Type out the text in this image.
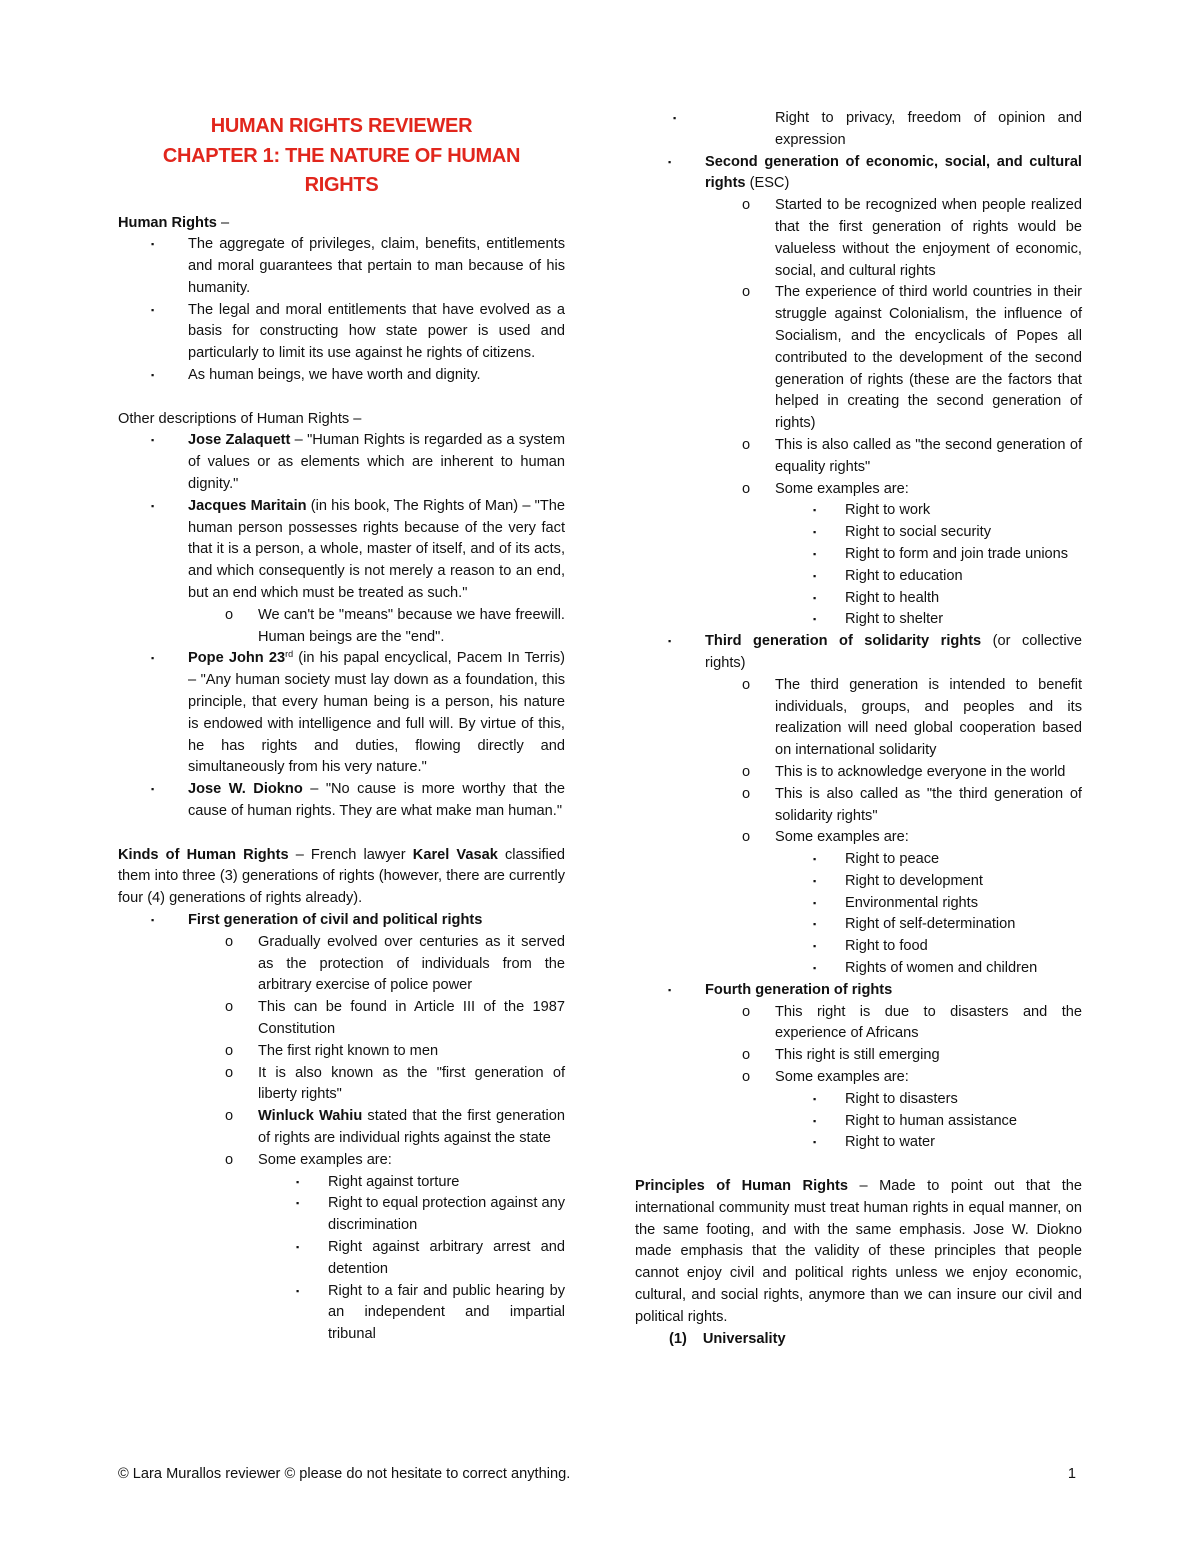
HUMAN RIGHTS REVIEWER
CHAPTER 1: THE NATURE OF HUMAN
RIGHTS

Human Rights –

▪ The aggregate of privileges, claim, benefits, entitlements and moral guarantees that pertain to man because of his humanity.
▪ The legal and moral entitlements that have evolved as a basis for constructing how state power is used and particularly to limit its use against he rights of citizens.
▪ As human beings, we have worth and dignity.

Other descriptions of Human Rights –

▪ Jose Zalaquett – "Human Rights is regarded as a system of values or as elements which are inherent to human dignity."
▪ Jacques Maritain (in his book, The Rights of Man) – "The human person possesses rights because of the very fact that it is a person, a whole, master of itself, and of its acts, and which consequently is not merely a reason to an end, but an end which must be treated as such."
o We can't be "means" because we have freewill. Human beings are the "end".
▪ Pope John 23rd (in his papal encyclical, Pacem In Terris) – "Any human society must lay down as a foundation, this principle, that every human being is a person, his nature is endowed with intelligence and full will. By virtue of this, he has rights and duties, flowing directly and simultaneously from his very nature."
▪ Jose W. Diokno – "No cause is more worthy that the cause of human rights. They are what make man human."

Kinds of Human Rights – French lawyer Karel Vasak classified them into three (3) generations of rights (however, there are currently four (4) generations of rights already).

▪ First generation of civil and political rights
o Gradually evolved over centuries as it served as the protection of individuals from the arbitrary exercise of police power
o This can be found in Article III of the 1987 Constitution
o The first right known to men
o It is also known as the "first generation of liberty rights"
o Winluck Wahiu stated that the first generation of rights are individual rights against the state
o Some examples are:
▪ Right against torture
▪ Right to equal protection against any discrimination
▪ Right against arbitrary arrest and detention
▪ Right to a fair and public hearing by an independent and impartial tribunal
▪	Right to privacy, freedom of opinion and expression
▪ Second generation of economic, social, and cultural rights (ESC)
o Started to be recognized when people realized that the first generation of rights would be valueless without the enjoyment of economic, social, and cultural rights
o The experience of third world countries in their struggle against Colonialism, the influence of Socialism, and the encyclicals of Popes all contributed to the development of the second generation of rights (these are the factors that helped in creating the second generation of rights)
o This is also called as "the second generation of equality rights"
o Some examples are:
▪ Right to work
▪ Right to social security
▪ Right to form and join trade unions
▪ Right to education
▪ Right to health
▪ Right to shelter
▪ Third generation of solidarity rights (or collective rights)
o The third generation is intended to benefit individuals, groups, and peoples and its realization will need global cooperation based on international solidarity
o This is to acknowledge everyone in the world
o This is also called as "the third generation of solidarity rights"
o Some examples are:
▪ Right to peace
▪ Right to development
▪ Environmental rights
▪ Right of self-determination
▪ Right to food
▪ Rights of women and children
▪ Fourth generation of rights
o This right is due to disasters and the experience of Africans
o This right is still emerging
o Some examples are:
▪ Right to disasters
▪ Right to human assistance
▪ Right to water

Principles of Human Rights – Made to point out that the international community must treat human rights in equal manner, on the same footing, and with the same emphasis. Jose W. Diokno made emphasis that the validity of these principles that people cannot enjoy civil and political rights unless we enjoy economic, cultural, and social rights, anymore than we can insure our civil and political rights.

(1) Universality

© Lara Murallos reviewer © please do not hesitate to correct anything.	1
